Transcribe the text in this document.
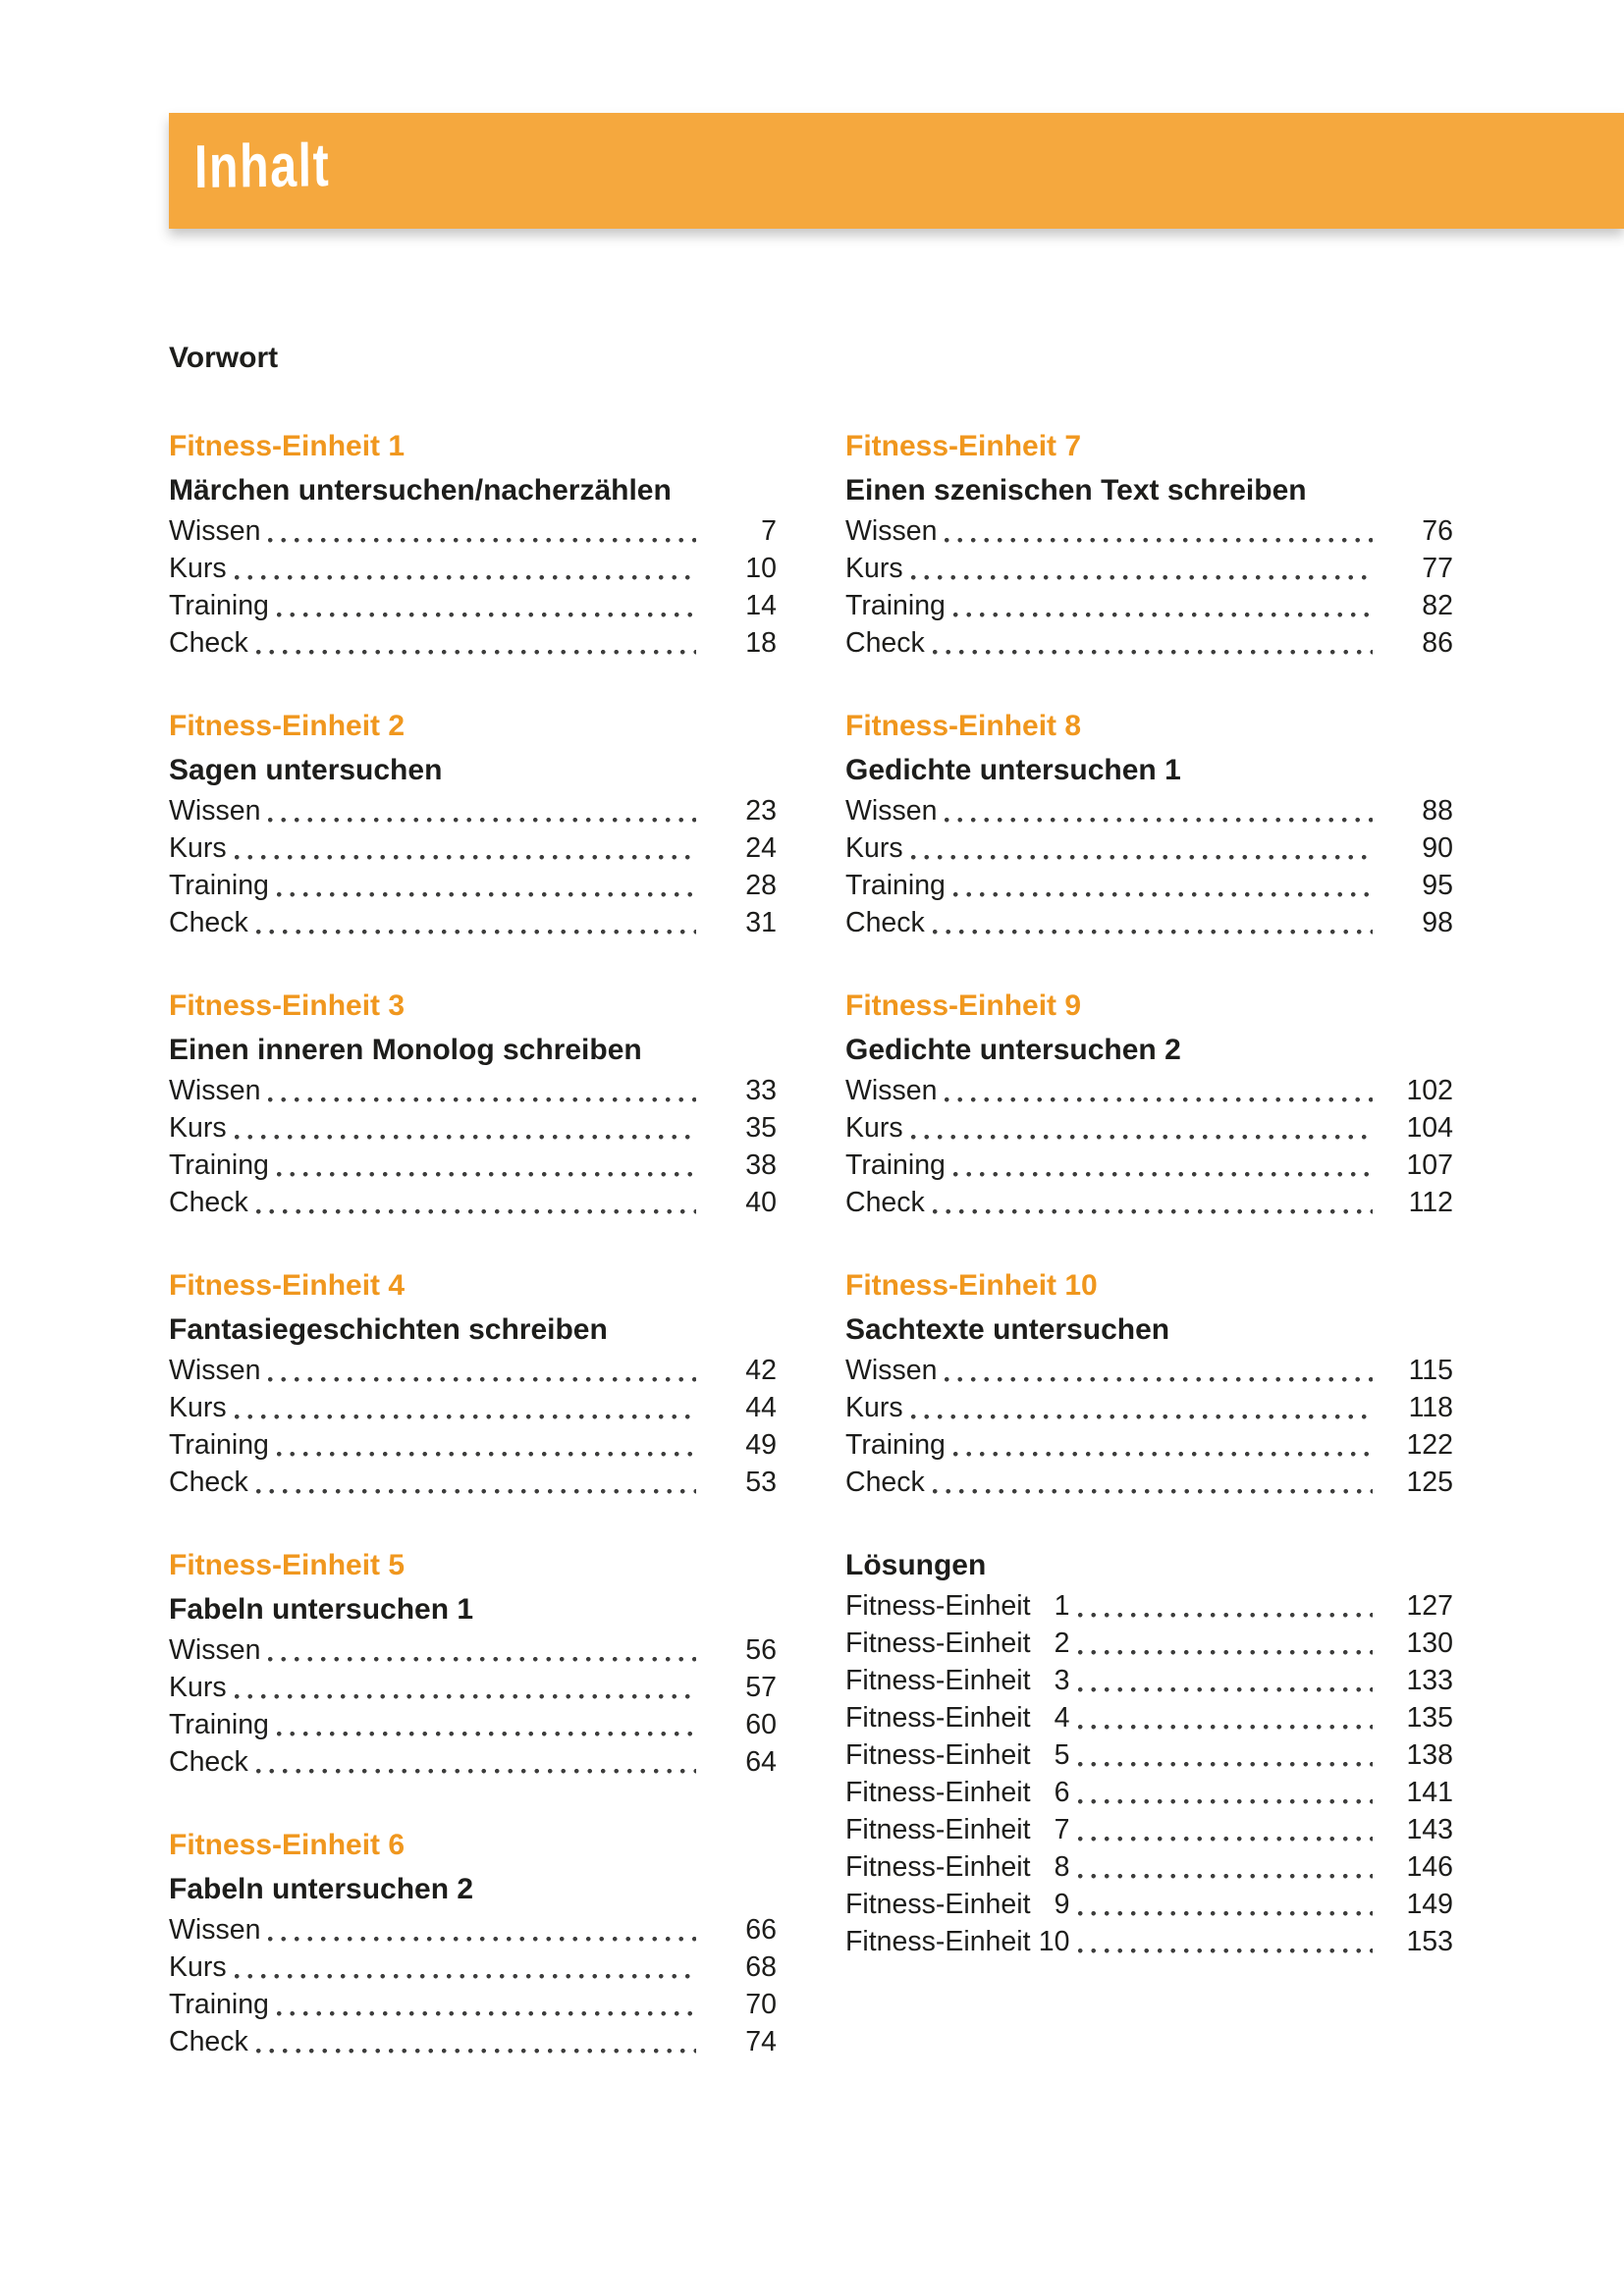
Inhalt
Vorwort
Fitness-Einheit 1
Märchen untersuchen/nacherzählen
Wissen	7
Kurs	10
Training	14
Check	18
Fitness-Einheit 2
Sagen untersuchen
Wissen	23
Kurs	24
Training	28
Check	31
Fitness-Einheit 3
Einen inneren Monolog schreiben
Wissen	33
Kurs	35
Training	38
Check	40
Fitness-Einheit 4
Fantasiegeschichten schreiben
Wissen	42
Kurs	44
Training	49
Check	53
Fitness-Einheit 5
Fabeln untersuchen 1
Wissen	56
Kurs	57
Training	60
Check	64
Fitness-Einheit 6
Fabeln untersuchen 2
Wissen	66
Kurs	68
Training	70
Check	74
Fitness-Einheit 7
Einen szenischen Text schreiben
Wissen	76
Kurs	77
Training	82
Check	86
Fitness-Einheit 8
Gedichte untersuchen 1
Wissen	88
Kurs	90
Training	95
Check	98
Fitness-Einheit 9
Gedichte untersuchen 2
Wissen	102
Kurs	104
Training	107
Check	112
Fitness-Einheit 10
Sachtexte untersuchen
Wissen	115
Kurs	118
Training	122
Check	125
Lösungen
Fitness-Einheit 1	127
Fitness-Einheit 2	130
Fitness-Einheit 3	133
Fitness-Einheit 4	135
Fitness-Einheit 5	138
Fitness-Einheit 6	141
Fitness-Einheit 7	143
Fitness-Einheit 8	146
Fitness-Einheit 9	149
Fitness-Einheit 10	153
